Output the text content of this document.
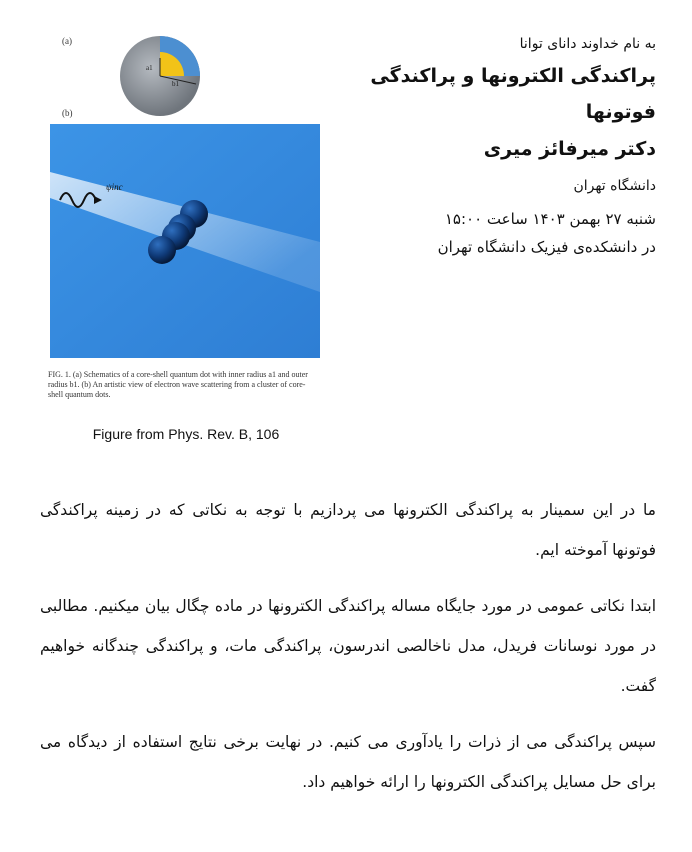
به نام خداوند دانای توانا
پراکندگی الکترونها و پراکندگی فوتونها
دکتر میرفائز میری
دانشگاه تهران
شنبه ۲۷ بهمن ۱۴۰۳ ساعت ۱۵:۰۰
در دانشکده‌ی فیزیک دانشگاه تهران
(a)
a1
b1
(b)
ψinc
FIG. 1. (a) Schematics of a core-shell quantum dot with inner radius a1 and outer radius b1. (b) An artistic view of electron wave scattering from a cluster of core-shell quantum dots.
Figure from Phys. Rev. B, 106

ما در این سمینار به پراکندگی الکترونها می پردازیم با توجه به نکاتی که در زمینه پراکندگی فوتونها آموخته ایم.

ابتدا نکاتی عمومی در مورد جایگاه مساله پراکندگی الکترونها در ماده چگال بیان میکنیم. مطالبی در مورد نوسانات فریدل، مدل ناخالصی اندرسون، پراکندگی مات، و پراکندگی چندگانه خواهیم گفت.

سپس پراکندگی می از ذرات را یادآوری می کنیم. در نهایت برخی نتایج استفاده از دیدگاه می برای حل مسایل پراکندگی الکترونها را ارائه خواهیم داد.
